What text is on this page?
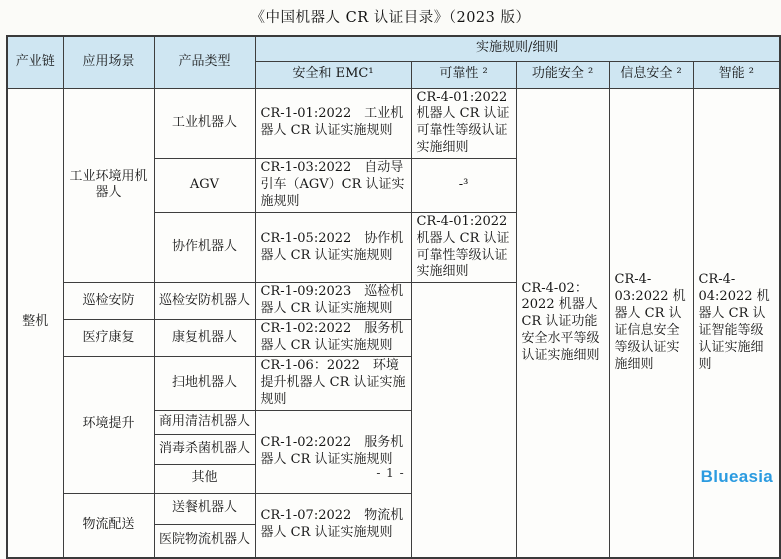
《中国机器人 CR 认证目录》（2023 版）
产业链	应用场景	产品类型	实施规则/细则				
			安全和 EMC¹	可靠性 ²	功能安全 ²	信息安全 ²	智能 ²
整机	工业环境用机器人	工业机器人	CR-1-01:2022　工业机器人 CR 认证实施规则	CR-4-01:2022 机器人 CR 认证可靠性等级认证实施细则	CR-4-02：2022 机器人 CR 认证功能安全水平等级认证实施细则	CR-4-03:2022 机器人 CR 认证信息安全等级认证实施细则	CR-4-04:2022 机器人 CR 认证智能等级认证实施细则
		AGV	CR-1-03:2022　自动导引车（AGV）CR 认证实施规则	-³			
		协作机器人	CR-1-05:2022　协作机器人 CR 认证实施规则	CR-4-01:2022 机器人 CR 认证可靠性等级认证实施细则			
	巡检安防	巡检安防机器人	CR-1-09:2023　巡检机器人 CR 认证实施规则				
	医疗康复	康复机器人	CR-1-02:2022　服务机器人 CR 认证实施规则				
	环境提升	扫地机器人	CR-1-06：2022　环境提升机器人 CR 认证实施规则				
		商用清洁机器人	CR-1-02:2022　服务机器人 CR 认证实施规则				
		消毒杀菌机器人					
		其他					
	物流配送	送餐机器人	CR-1-07:2022　物流机器人 CR 认证实施规则				
		医院物流机器人					
- 1 -	Blueasia
